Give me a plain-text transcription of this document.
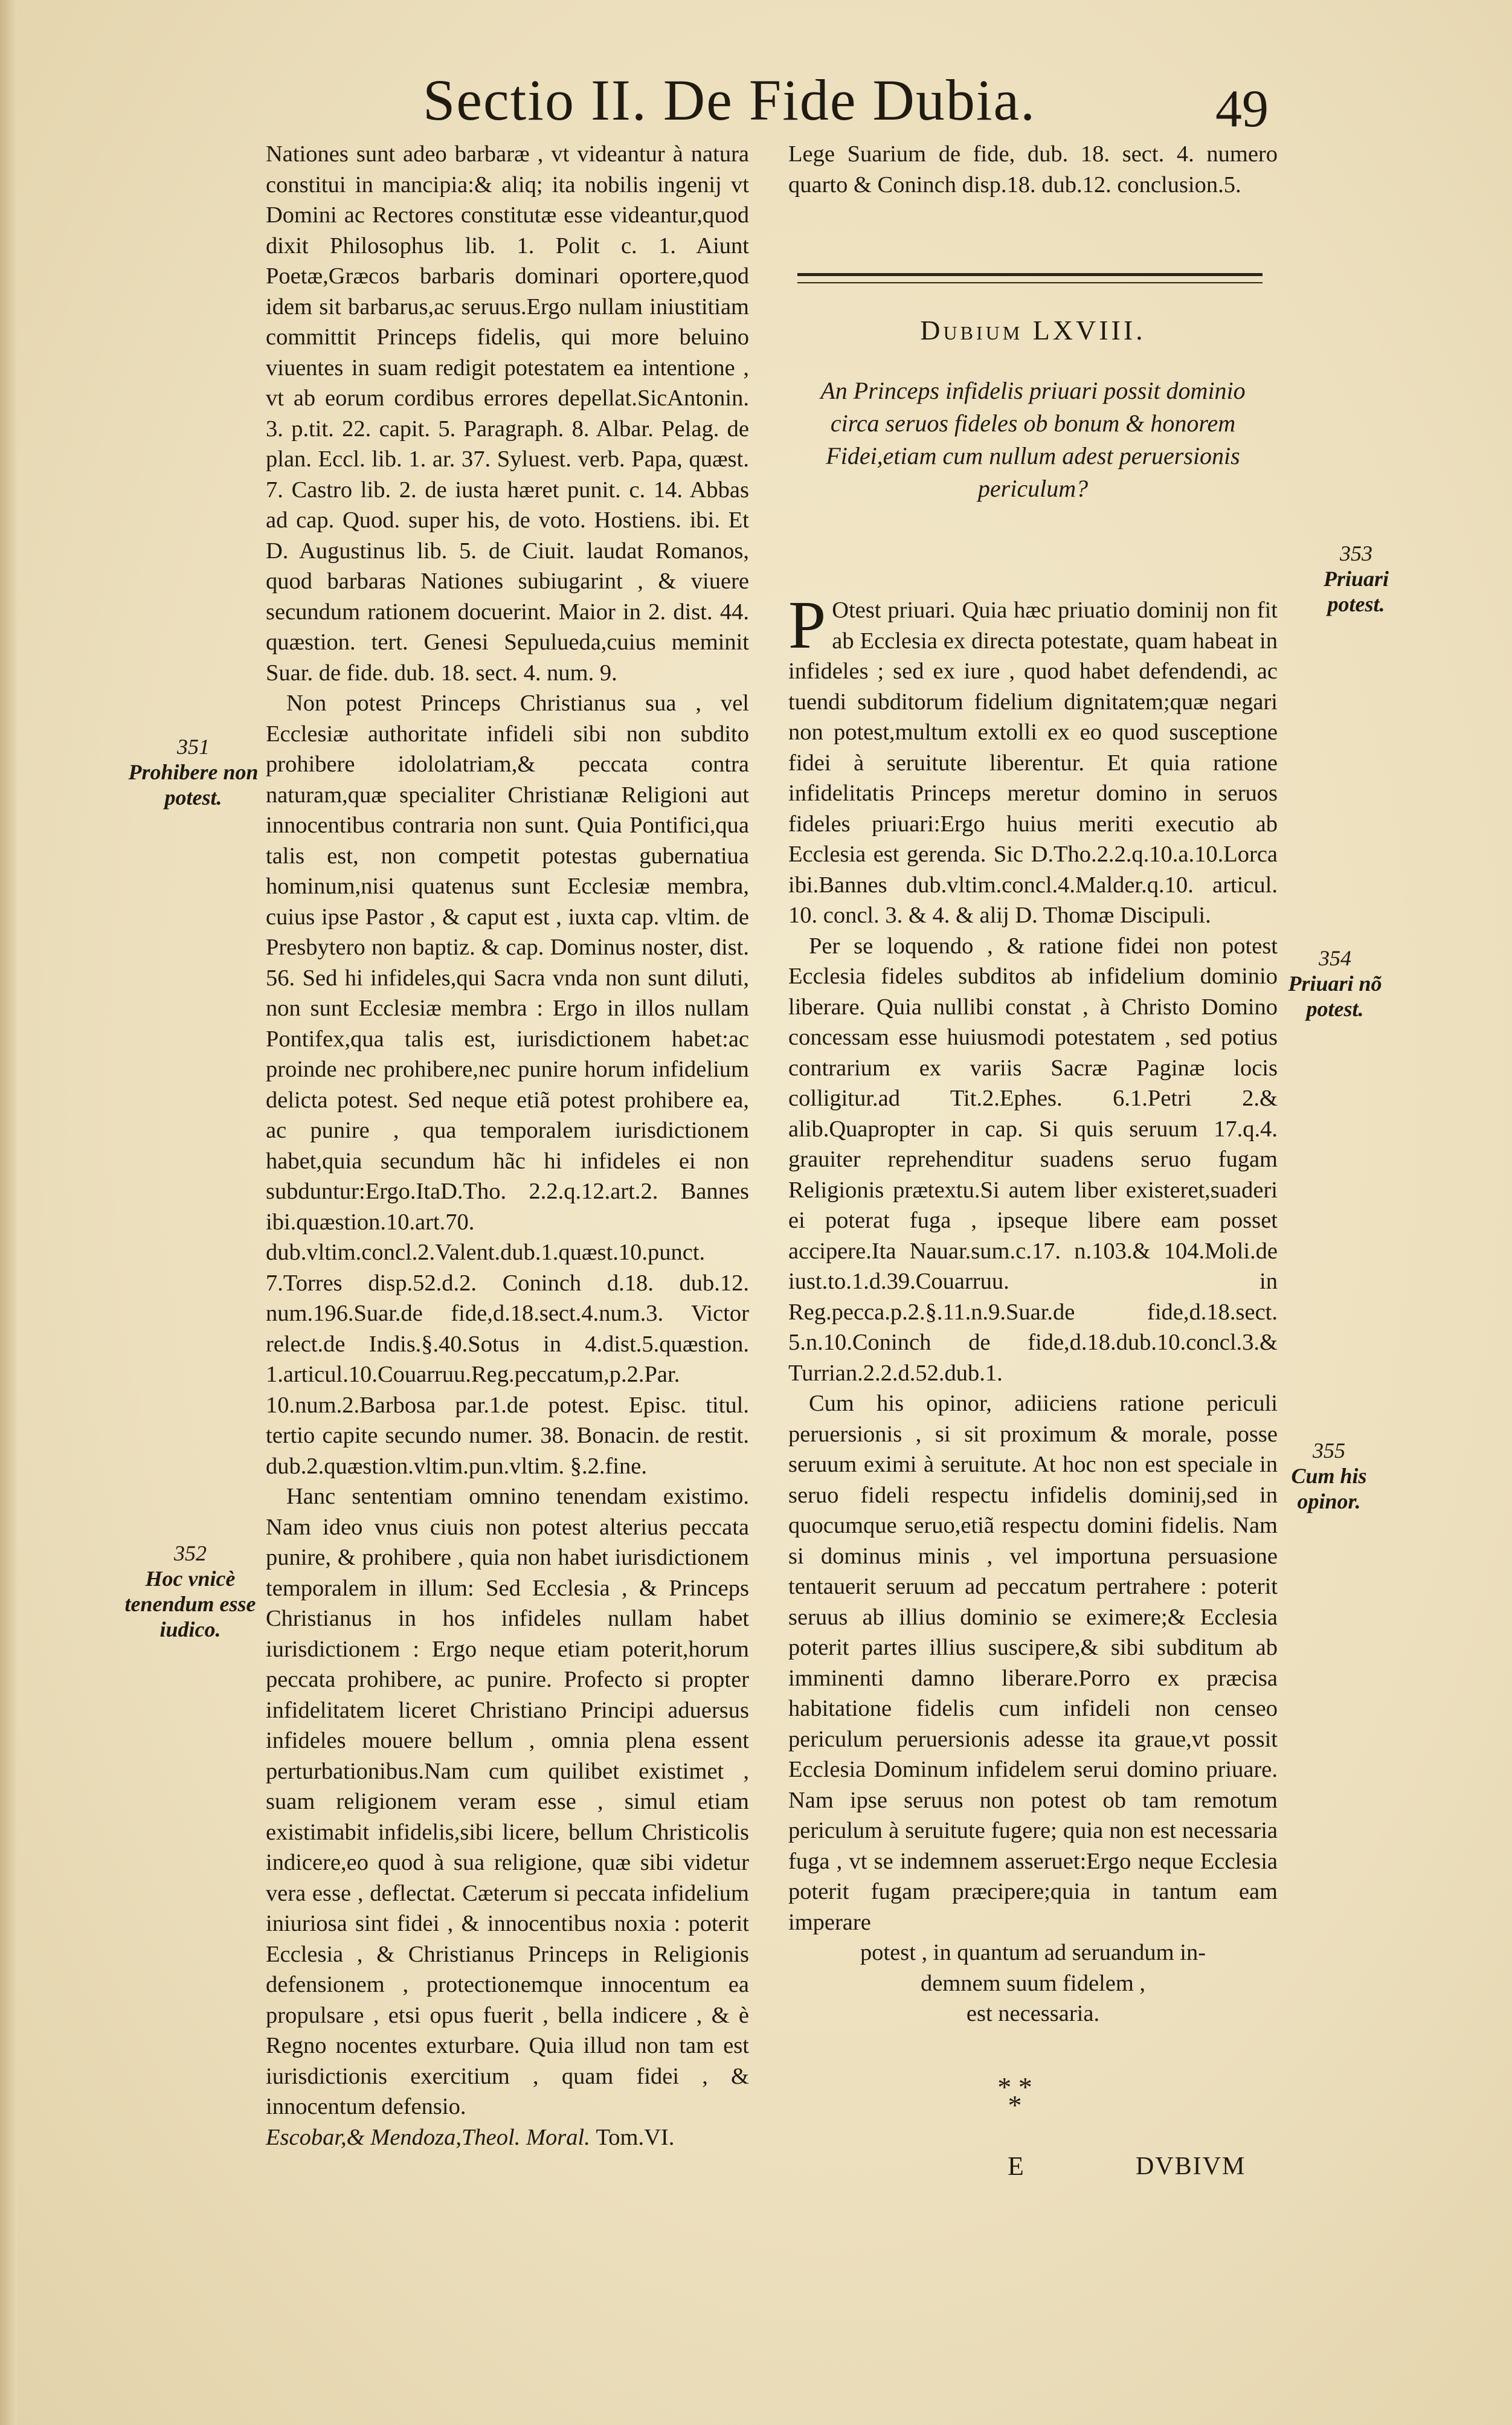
Sectio II. De Fide Dubia.	49

Nationes sunt adeo barbaræ , vt videantur à natura constitui in mancipia:& aliq; ita nobilis ingenij vt Domini ac Rectores constitutæ esse videantur,quod dixit Philosophus lib. 1. Polit c. 1. Aiunt Poetæ,Græcos barbaris dominari oportere,quod idem sit barbarus,ac seruus.Ergo nullam iniustitiam committit Princeps fidelis, qui more beluino viuentes in suam redigit potestatem ea intentione , vt ab eorum cordibus errores depellat.SicAntonin. 3. p.tit. 22. capit. 5. Paragraph. 8. Albar. Pelag. de plan. Eccl. lib. 1. ar. 37. Syluest. verb. Papa, quæst. 7. Castro lib. 2. de iusta hæret punit. c. 14. Abbas ad cap. Quod. super his, de voto. Hostiens. ibi. Et D. Augustinus lib. 5. de Ciuit. laudat Romanos, quod barbaras Nationes subiugarint , & viuere secundum rationem docuerint. Maior in 2. dist. 44. quæstion. tert. Genesi Sepulueda,cuius meminit Suar. de fide. dub. 18. sect. 4. num. 9.

Non potest Princeps Christianus sua , vel Ecclesiæ authoritate infideli sibi non subdito prohibere idololatriam,& peccata contra naturam,quæ specialiter Christianæ Religioni aut innocentibus contraria non sunt. Quia Pontifici,qua talis est, non competit potestas gubernatiua hominum,nisi quatenus sunt Ecclesiæ membra, cuius ipse Pastor , & caput est , iuxta cap. vltim. de Presbytero non baptiz. & cap. Dominus noster, dist. 56. Sed hi infideles,qui Sacra vnda non sunt diluti, non sunt Ecclesiæ membra : Ergo in illos nullam Pontifex,qua talis est, iurisdictionem habet:ac proinde nec prohibere,nec punire horum infidelium delicta potest. Sed neque etiã potest prohibere ea, ac punire , qua temporalem iurisdictionem habet,quia secundum hãc hi infideles ei non subduntur:Ergo.ItaD.Tho. 2.2.q.12.art.2. Bannes ibi.quæstion.10.art.70. dub.vltim.concl.2.Valent.dub.1.quæst.10.punct. 7.Torres disp.52.d.2. Coninch d.18. dub.12. num.196.Suar.de fide,d.18.sect.4.num.3. Victor relect.de Indis.§.40.Sotus in 4.dist.5.quæstion. 1.articul.10.Couarruu.Reg.peccatum,p.2.Par. 10.num.2.Barbosa par.1.de potest. Episc. titul. tertio capite secundo numer. 38. Bonacin. de restit. dub.2.quæstion.vltim.pun.vltim. §.2.fine.

Hanc sententiam omnino tenendam existimo. Nam ideo vnus ciuis non potest alterius peccata punire, & prohibere , quia non habet iurisdictionem temporalem in illum: Sed Ecclesia , & Princeps Christianus in hos infideles nullam habet iurisdictionem : Ergo neque etiam poterit,horum peccata prohibere, ac punire. Profecto si propter infidelitatem liceret Christiano Principi aduersus infideles mouere bellum , omnia plena essent perturbationibus.Nam cum quilibet existimet , suam religionem veram esse , simul etiam existimabit infidelis,sibi licere, bellum Christicolis indicere,eo quod à sua religione, quæ sibi videtur vera esse , deflectat. Cæterum si peccata infidelium iniuriosa sint fidei , & innocentibus noxia : poterit Ecclesia , & Christianus Princeps in Religionis defensionem , protectionemque innocentum ea propulsare , etsi opus fuerit , bella indicere , & è Regno nocentes exturbare. Quia illud non tam est iurisdictionis exercitium , quam fidei , & innocentum defensio.

Escobar,& Mendoza,Theol. Moral. Tom.VI.

Lege Suarium de fide, dub. 18. sect. 4. numero quarto & Coninch disp.18. dub.12. conclusion.5.

Dubium LXVIII.
An Princeps infidelis priuari possit dominio circa seruos fideles ob bonum & honorem Fidei,etiam cum nullum adest peruersionis periculum?

P Otest priuari. Quia hæc priuatio dominij non fit ab Ecclesia ex directa potestate, quam habeat in infideles ; sed ex iure , quod habet defendendi, ac tuendi subditorum fidelium dignitatem;quæ negari non potest,multum extolli ex eo quod susceptione fidei à seruitute liberentur. Et quia ratione infidelitatis Princeps meretur domino in seruos fideles priuari:Ergo huius meriti executio ab Ecclesia est gerenda. Sic D.Tho.2.2.q.10.a.10.Lorca ibi.Bannes dub.vltim.concl.4.Malder.q.10. articul. 10. concl. 3. & 4. & alij D. Thomæ Discipuli.

Per se loquendo , & ratione fidei non potest Ecclesia fideles subditos ab infidelium dominio liberare. Quia nullibi constat , à Christo Domino concessam esse huiusmodi potestatem , sed potius contrarium ex variis Sacræ Paginæ locis colligitur.ad Tit.2.Ephes. 6.1.Petri 2.& alib.Quapropter in cap. Si quis seruum 17.q.4. grauiter reprehenditur suadens seruo fugam Religionis prætextu.Si autem liber existeret,suaderi ei poterat fuga , ipseque libere eam posset accipere.Ita Nauar.sum.c.17. n.103.& 104.Moli.de iust.to.1.d.39.Couarruu. in Reg.pecca.p.2.§.11.n.9.Suar.de fide,d.18.sect. 5.n.10.Coninch de fide,d.18.dub.10.concl.3.& Turrian.2.2.d.52.dub.1.

Cum his opinor, adiiciens ratione periculi peruersionis , si sit proximum & morale, posse seruum eximi à seruitute. At hoc non est speciale in seruo fideli respectu infidelis dominij,sed in quocumque seruo,etiã respectu domini fidelis. Nam si dominus minis , vel importuna persuasione tentauerit seruum ad peccatum pertrahere : poterit seruus ab illius dominio se eximere;& Ecclesia poterit partes illius suscipere,& sibi subditum ab imminenti damno liberare.Porro ex præcisa habitatione fidelis cum infideli non censeo periculum peruersionis adesse ita graue,vt possit Ecclesia Dominum infidelem serui domino priuare. Nam ipse seruus non potest ob tam remotum periculum à seruitute fugere; quia non est necessaria fuga , vt se indemnem asseruet:Ergo neque Ecclesia poterit fugam præcipere;quia in tantum eam imperare

potest , in quantum ad seruandum in-

demnem suum fidelem ,

est necessaria.

351
Prohibere non potest.
352
Hoc vnicè tenendum esse iudico.
353
Priuari potest.
354
Priuari nõ potest.
355
Cum his opinor.
* * *
E	DVBIVM
